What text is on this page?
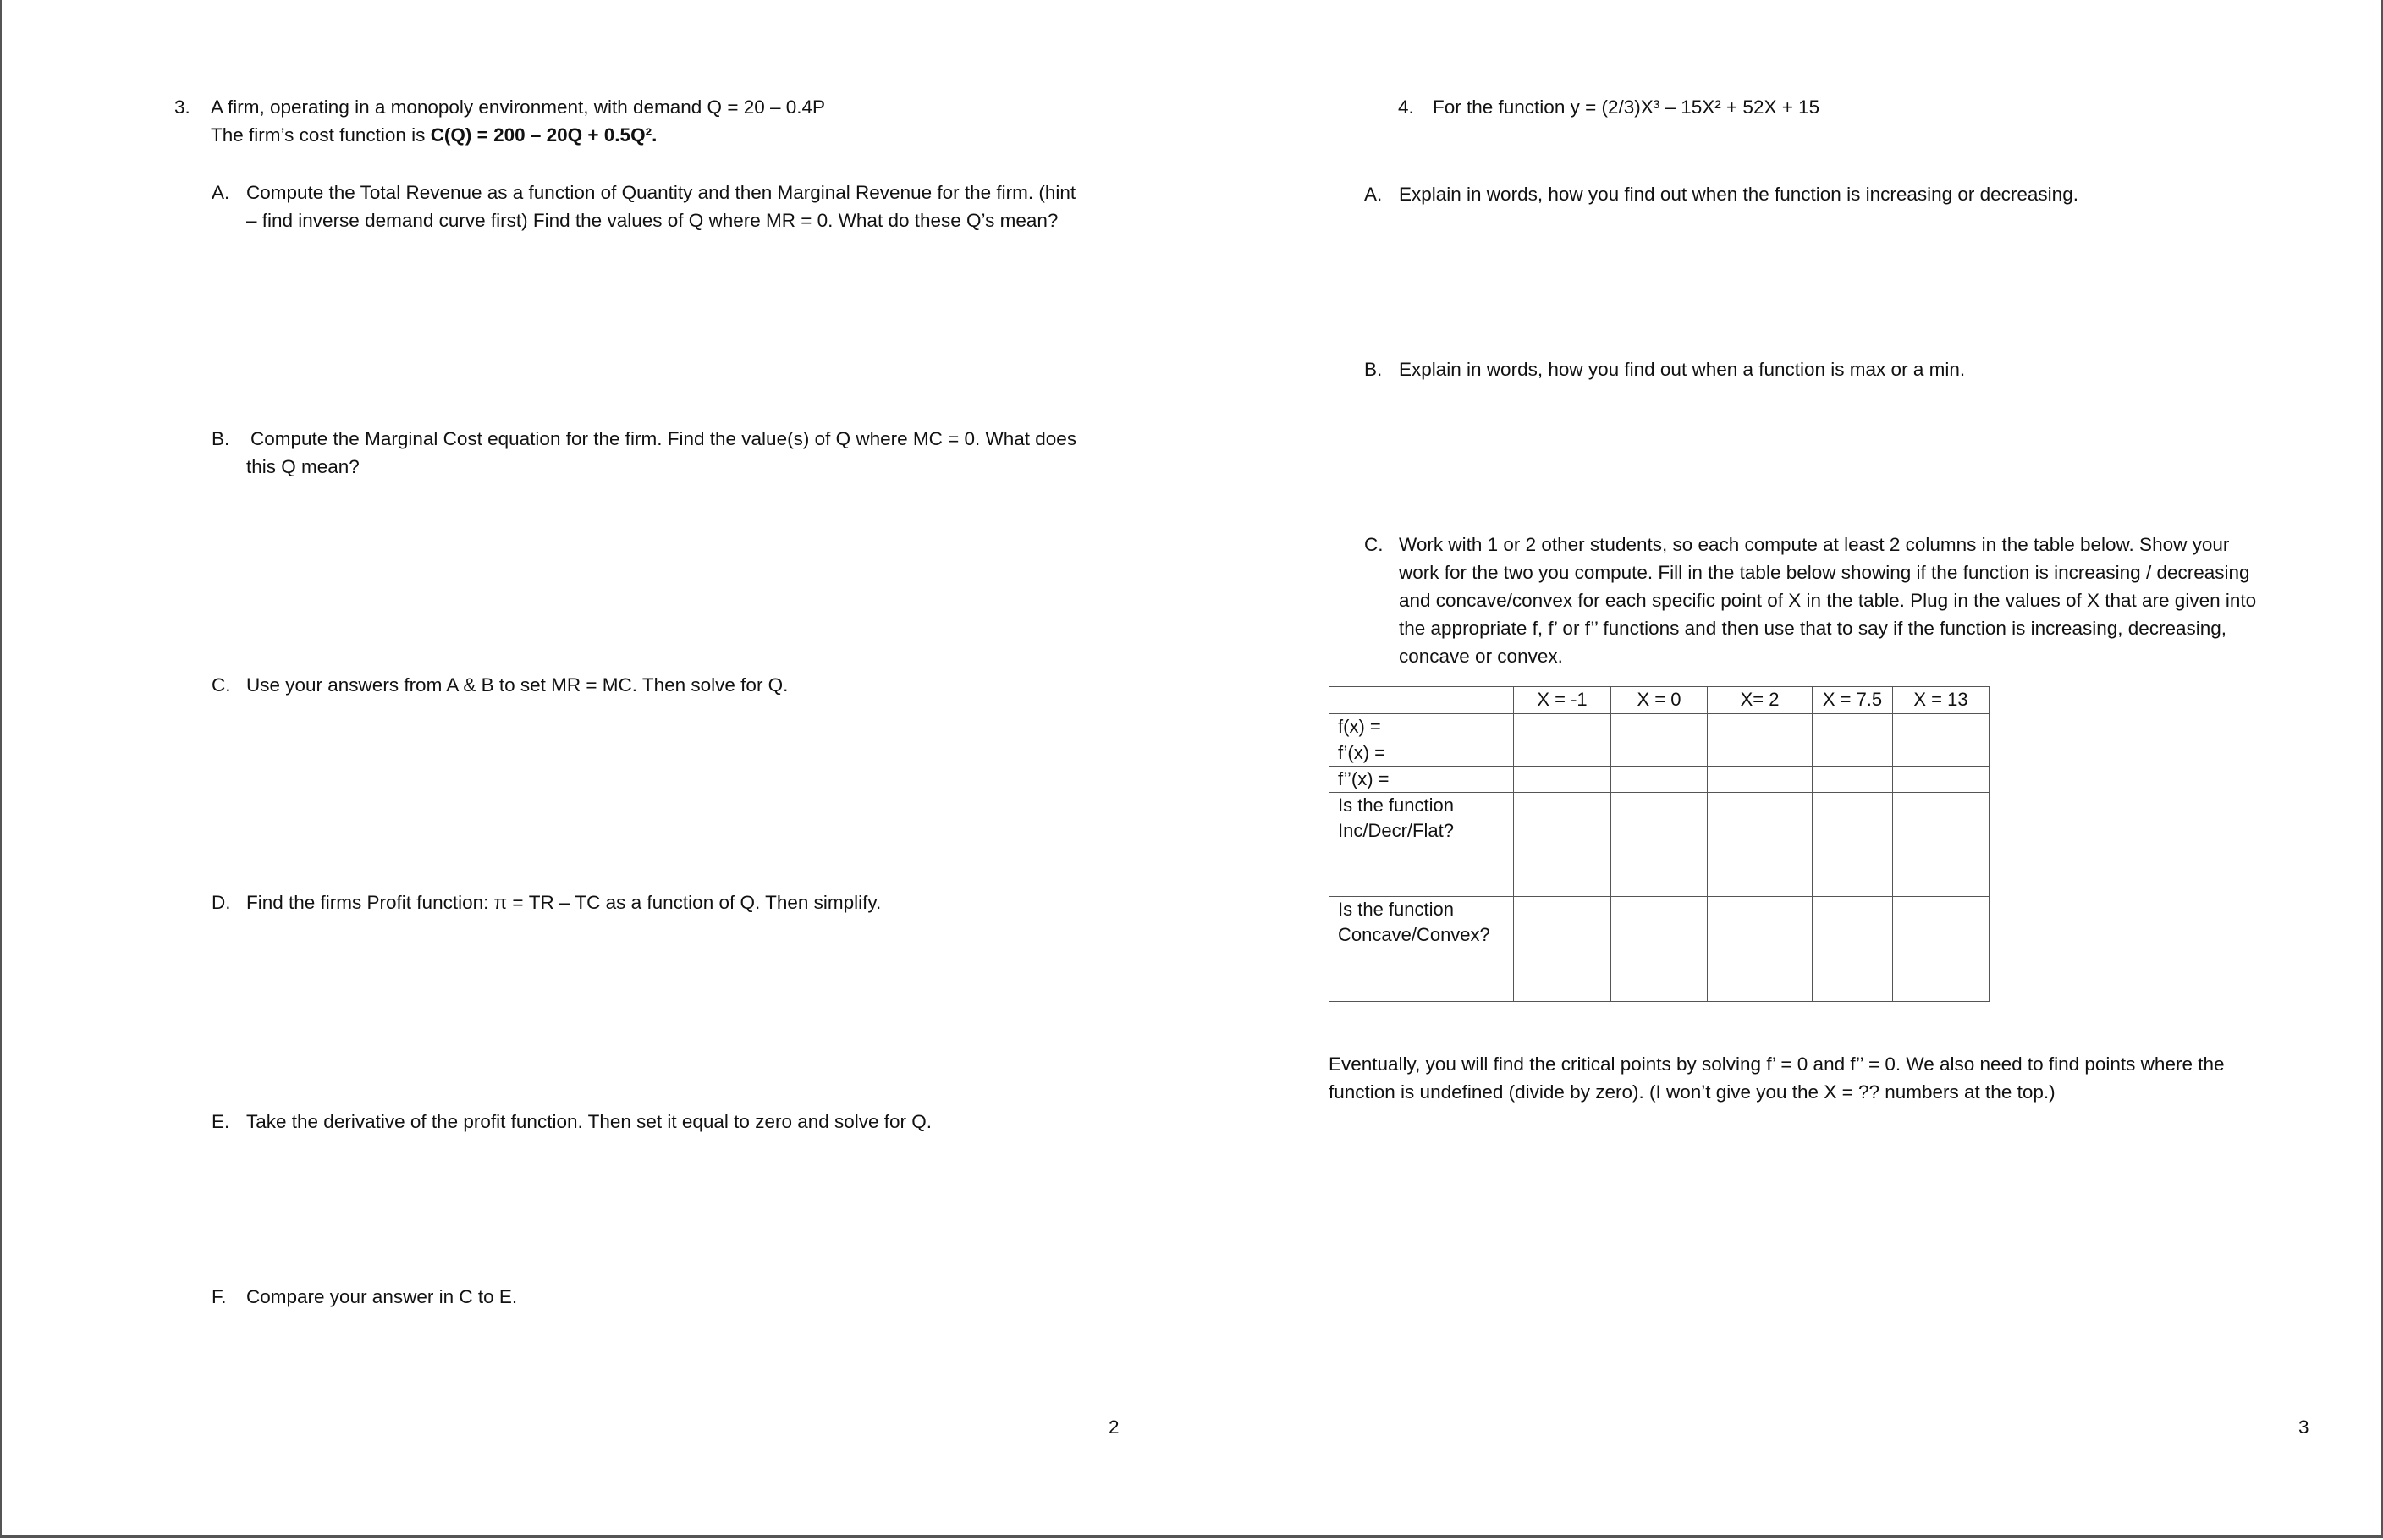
3. A firm, operating in a monopoly environment, with demand Q = 20 – 0.4P
The firm’s cost function is C(Q) = 200 – 20Q + 0.5Q².
A. Compute the Total Revenue as a function of Quantity and then Marginal Revenue for the firm. (hint
– find inverse demand curve first) Find the values of Q where MR = 0. What do these Q’s mean?
B. Compute the Marginal Cost equation for the firm. Find the value(s) of Q where MC = 0. What does
this Q mean?
C. Use your answers from A & B to set MR = MC. Then solve for Q.
D. Find the firms Profit function: π = TR – TC as a function of Q. Then simplify.
E. Take the derivative of the profit function. Then set it equal to zero and solve for Q.
F. Compare your answer in C to E.
2
4. For the function y = (2/3)X³ – 15X² + 52X + 15
A. Explain in words, how you find out when the function is increasing or decreasing.
B. Explain in words, how you find out when a function is max or a min.
C. Work with 1 or 2 other students, so each compute at least 2 columns in the table below. Show your
work for the two you compute. Fill in the table below showing if the function is increasing / decreasing
and concave/convex for each specific point of X in the table. Plug in the values of X that are given into
the appropriate f, f’ or f’’ functions and then use that to say if the function is increasing, decreasing,
concave or convex.
	X = -1	X = 0	X= 2	X = 7.5	X = 13
f(x) =					
f’(x) =					
f’’(x) =					
Is the function
Inc/Decr/Flat?					
Is the function
Concave/Convex?					
Eventually, you will find the critical points by solving f’ = 0 and f’’ = 0. We also need to find points where the
function is undefined (divide by zero). (I won’t give you the X = ?? numbers at the top.)
3
